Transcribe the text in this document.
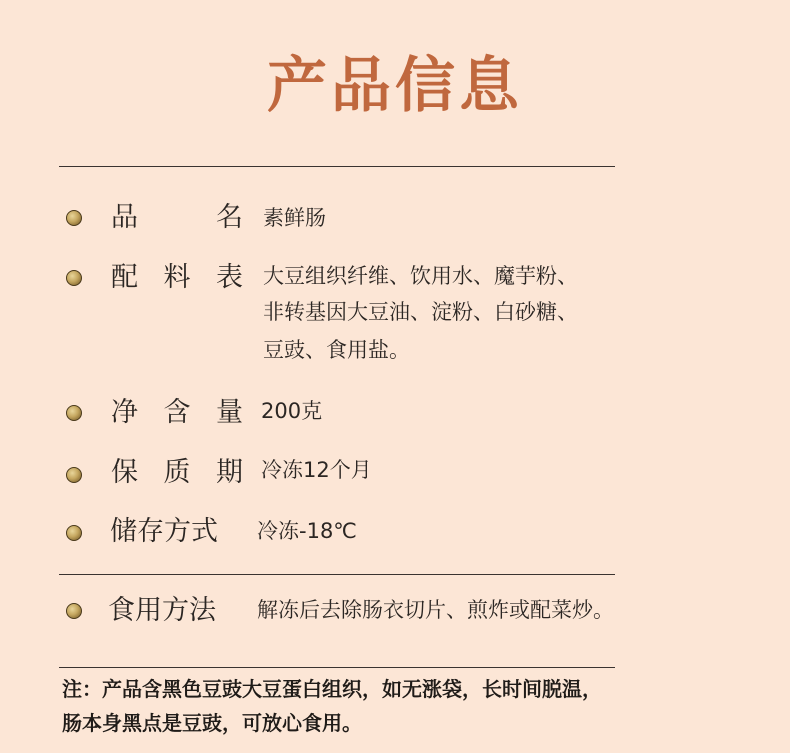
产品信息
品 名 素鲜肠
配 料 表 大豆组织纤维、饮用水、魔芋粉、
非转基因大豆油、淀粉、白砂糖、
豆豉、食用盐。
净 含 量 200克
保 质 期 冷冻12个月
储存方式 冷冻-18℃
食用方法 解冻后去除肠衣切片、煎炸或配菜炒。
注：产品含黑色豆豉大豆蛋白组织，如无涨袋，长时间脱温，
肠本身黑点是豆豉，可放心食用。
